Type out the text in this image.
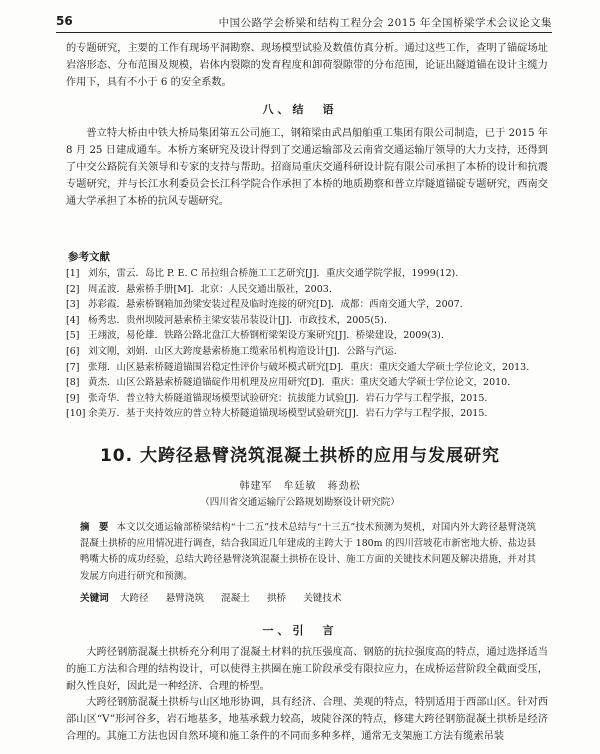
56	中国公路学会桥梁和结构工程分会 2015 年全国桥梁学术会议论文集

的专题研究，主要的工作有现场平洞勘察、现场模型试验及数值仿真分析。通过这些工作，查明了锚碇场址岩溶形态、分布范围及规模，岩体内裂隙的发育程度和卸荷裂隙带的分布范围，论证出隧道锚在设计主缆力作用下，具有不小于 6 的安全系数。

八、结　语

普立特大桥由中铁大桥局集团第五公司施工，钢箱梁由武昌船舶重工集团有限公司制造，已于 2015 年 8 月 25 日建成通车。本桥方案研究及设计得到了交通运输部及云南省交通运输厅领导的大力支持，还得到了中交公路院有关领导和专家的支持与帮助。招商局重庆交通科研设计院有限公司承担了本桥的设计和抗震专题研究，并与长江水利委员会长江科学院合作承担了本桥的地质勘察和普立岸隧道锚碇专题研究，西南交通大学承担了本桥的抗风专题研究。

参考文献
[1] 刘东，雷云．岛比 P. E. C 吊拉组合桥施工工艺研究[J]．重庆交通学院学报，1999(12).
[2] 周孟波．悬索桥手册[M]．北京：人民交通出版社，2003.
[3] 苏彩霞．悬索桥钢箱加劲梁安装过程及临时连接的研究[D]．成都：西南交通大学，2007.
[4] 杨秀忠．贵州坝陵河悬索桥主梁安装吊装设计[J]．市政技术，2005(5).
[5] 王翊波，易伦雄．铁路公路北盘江大桥钢桁梁架设方案研究[J]．桥梁建设，2009(3).
[6] 刘文刚，刘娟．山区大跨度悬索桥施工缆索吊机构造设计[J]．公路与汽运.
[7] 张翔．山区悬索桥隧道锚围岩稳定性评价与破坏模式研究[D]．重庆：重庆交通大学硕士学位论文，2013.
[8] 黄杰．山区公路悬索桥隧道锚碇作用机理及应用研究[D]．重庆：重庆交通大学硕士学位论文，2010.
[9] 张奇华．普立特大桥隧道锚现场模型试验研究：抗拔能力试验[J]．岩石力学与工程学报，2015.
[10] 余美万．基于夹持效应的普立特大桥隧道锚现场模型试验研究[J]．岩石力学与工程学报，2015.
10. 大跨径悬臂浇筑混凝土拱桥的应用与发展研究

韩建军　牟廷敏　蒋劲松

（四川省交通运输厅公路规划勘察设计研究院）

摘　要 本文以交通运输部桥梁结构“十二五”技术总结与“十三五”技术预测为契机，对国内外大跨径悬臂浇筑混凝土拱桥的应用情况进行调查，结合我国近几年建成的主跨大于 180m 的四川营坡花市新密地大桥、盐边县鸭嘴大桥的成功经验，总结大跨径悬臂浇筑混凝土拱桥在设计、施工方面的关键技术问题及解决措施，并对其发展方向进行研究和预测。

关键词 大跨径 悬臂浇筑 混凝土 拱桥 关键技术

一、引　言

大跨径钢筋混凝土拱桥充分利用了混凝土材料的抗压强度高、钢筋的抗拉强度高的特点，通过选择适当的施工方法和合理的结构设计，可以使得主拱圈在施工阶段承受有限拉应力，在成桥运营阶段全截面受压，耐久性良好，因此是一种经济、合理的桥型。

大跨径钢筋混凝土拱桥与山区地形协调，具有经济、合理、美观的特点，特别适用于西部山区。针对西部山区“V”形河谷多，岩石地基多，地基承载力较高，坡陡谷深的特点，修建大跨径钢筋混凝土拱桥是经济合理的。其施工方法也因自然环境和施工条件的不同而多种多样，通常无支架施工方法有缆索吊装
